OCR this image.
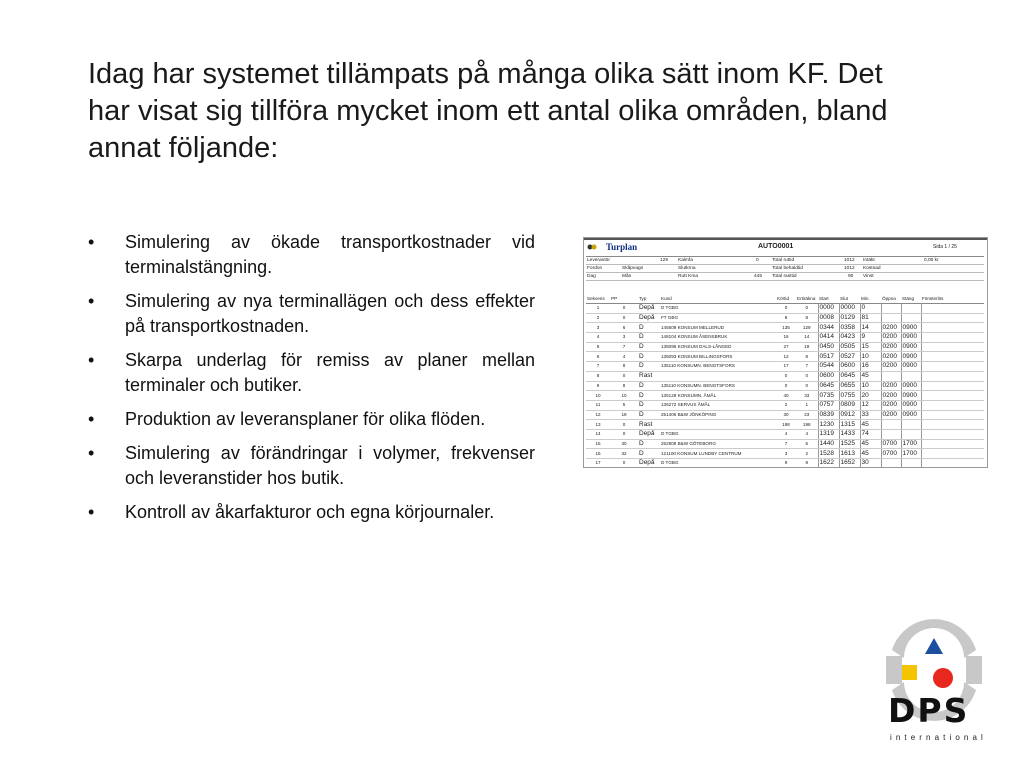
Idag har systemet tillämpats på många olika sätt inom KF. Det har visat sig tillföra mycket inom ett antal olika områden, bland annat följande:
• Simulering av ökade transportkostnader vid terminalstängning.
• Simulering av nya terminallägen och dess effekter på transportkostnaden.
• Skarpa underlag för remiss av planer mellan terminaler och butiker.
• Produktion av leveransplaner för olika flöden.
• Simulering av förändringar i volymer, frekvenser och leveranstider hos butik.
• Kontroll av åkarfakturor och egna körjournaler.
Turplan	AUTO0001	Sida 1 / 25
Leverantör	129 Kalmfa	0	Total ruttid	1012 Intäkt	0,00 kr
Fordon	Skåpvagn	Slutkrna	Total behaldtid	1012 Kostnad
Dag	Mån	Rutt Kma	445 Total rasttid	90 Vinst
Sekvens	PP	Typ	Kund	Körtid	Ertiräkna	Start	Slut	Min.	Öppna	Stäng	Fönsterlös
1	0	Depå	D TGBG	0	0	0000	0000	0			
2	0	Depå	FT GBG	8	8	0008	0129	81			
3	6	D	145609 KONSUM MELLERUD	135	129	0344	0358	14	0200	0900	
4	3	D	148104 KONSUM ÅSENSBRUK	16	14	0414	0423	9	0200	0900	
5	7	D	135095 KONSUM DALS-LÅNGED	27	19	0450	0505	15	0200	0900	
6	4	D	135093 KONSUM BILLINGSFORS	12	8	0517	0527	10	0200	0900	
7	8	D	135110 KONSUMN. BENGTSFORS	17	7	0544	0600	16	0200	0900	
8	0	Rast		0	0	0600	0645	45			
9	8	D	135110 KONSUMN. BENGTSFORS	0	0	0645	0655	10	0200	0900	
10	10	D	135128 KONSUMN. ÅMÅL	40	33	0735	0755	20	0200	0900	
11	5	D	135272 SERVUS ÅMÅL	2	1	0757	0809	12	0200	0900	
12	18	D	251406 B&W JÖNKÖPING	30	23	0839	0912	33	0200	0900	
13	0	Rast		198	198	1230	1315	45			
14	0	Depå	D TGBG	4	4	1319	1433	74			
15	30	D	252808 B&W GÖTEBORG	7	5	1440	1525	45	0700	1700	
16	32	D	121100 KONSUM LUNDBY CENTRUM	3	2	1528	1613	45	0700	1700	
17	0	Depå	D TGBG	9	8	1622	1652	30			
DPS
international
